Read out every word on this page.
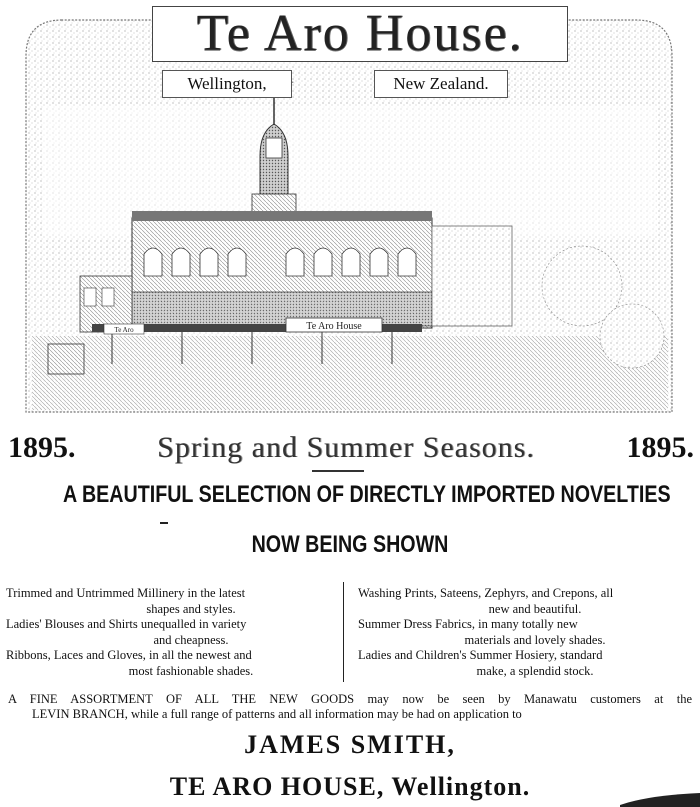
Te Aro House
Te Aro
Te Aro House.
Wellington,	New Zealand.
1895.	Spring and Summer Seasons.	1895.
A BEAUTIFUL SELECTION OF DIRECTLY IMPORTED NOVELTIES
NOW BEING SHOWN

Trimmed and Untrimmed Millinery in the latest
shapes and styles.

Ladies' Blouses and Shirts unequalled in variety
and cheapness.

Ribbons, Laces and Gloves, in all the newest and
most fashionable shades.

Washing Prints, Sateens, Zephyrs, and Crepons, all
new and beautiful.

Summer Dress Fabrics, in many totally new
materials and lovely shades.

Ladies and Children's Summer Hosiery, standard
make, a splendid stock.

A FINE ASSORTMENT OF ALL THE NEW GOODS may now be seen by Manawatu customers at the
LEVIN BRANCH, while a full range of patterns and all information may be had on application to
JAMES SMITH,
TE ARO HOUSE, Wellington.
